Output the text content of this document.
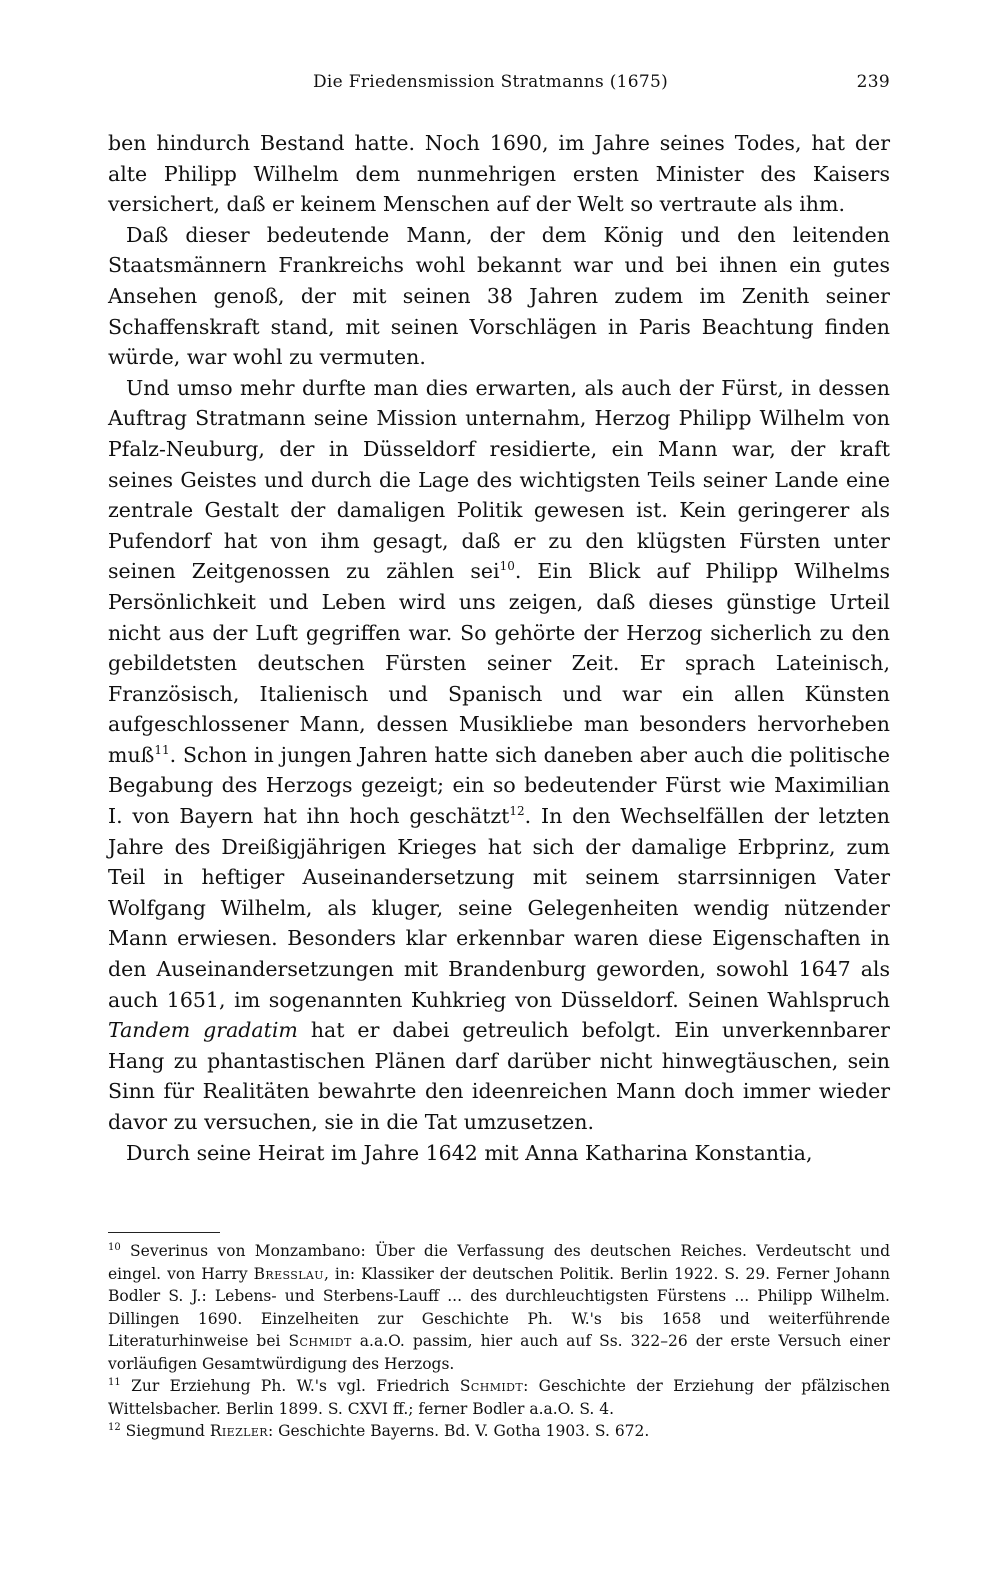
Die Friedensmission Stratmanns (1675)	239

ben hindurch Bestand hatte. Noch 1690, im Jahre seines Todes, hat der alte Philipp Wilhelm dem nunmehrigen ersten Minister des Kaisers versichert, daß er keinem Menschen auf der Welt so vertraute als ihm.

Daß dieser bedeutende Mann, der dem König und den leitenden Staatsmännern Frankreichs wohl bekannt war und bei ihnen ein gutes Ansehen genoß, der mit seinen 38 Jahren zudem im Zenith seiner Schaffenskraft stand, mit seinen Vorschlägen in Paris Beachtung finden würde, war wohl zu vermuten.

Und umso mehr durfte man dies erwarten, als auch der Fürst, in dessen Auftrag Stratmann seine Mission unternahm, Herzog Philipp Wilhelm von Pfalz-Neuburg, der in Düsseldorf residierte, ein Mann war, der kraft seines Geistes und durch die Lage des wichtigsten Teils seiner Lande eine zentrale Gestalt der damaligen Politik gewesen ist. Kein geringerer als Pufendorf hat von ihm gesagt, daß er zu den klügsten Fürsten unter seinen Zeitgenossen zu zählen sei$^{10}$. Ein Blick auf Philipp Wilhelms Persönlichkeit und Leben wird uns zeigen, daß dieses günstige Urteil nicht aus der Luft gegriffen war. So gehörte der Herzog sicherlich zu den gebildetsten deutschen Fürsten seiner Zeit. Er sprach Lateinisch, Französisch, Italienisch und Spanisch und war ein allen Künsten aufgeschlossener Mann, dessen Musikliebe man besonders hervorheben muß$^{11}$. Schon in jungen Jahren hatte sich daneben aber auch die politische Begabung des Herzogs gezeigt; ein so bedeutender Fürst wie Maximilian I. von Bayern hat ihn hoch geschätzt$^{12}$. In den Wechselfällen der letzten Jahre des Dreißigjährigen Krieges hat sich der damalige Erbprinz, zum Teil in heftiger Auseinandersetzung mit seinem starrsinnigen Vater Wolfgang Wilhelm, als kluger, seine Gelegenheiten wendig nützender Mann erwiesen. Besonders klar erkennbar waren diese Eigenschaften in den Auseinandersetzungen mit Brandenburg geworden, sowohl 1647 als auch 1651, im sogenannten Kuhkrieg von Düsseldorf. Seinen Wahlspruch Tandem gradatim hat er dabei getreulich befolgt. Ein unverkennbarer Hang zu phantastischen Plänen darf darüber nicht hinwegtäuschen, sein Sinn für Realitäten bewahrte den ideenreichen Mann doch immer wieder davor zu versuchen, sie in die Tat umzusetzen.

Durch seine Heirat im Jahre 1642 mit Anna Katharina Konstantia,

$^{10}$ Severinus von Monzambano: Über die Verfassung des deutschen Reiches. Verdeutscht und eingel. von Harry Bresslau, in: Klassiker der deutschen Politik. Berlin 1922. S. 29. Ferner Johann Bodler S. J.: Lebens- und Sterbens-Lauff ... des durchleuchtigsten Fürstens ... Philipp Wilhelm. Dillingen 1690. Einzelheiten zur Geschichte Ph. W.'s bis 1658 und weiterführende Literaturhinweise bei Schmidt a.a.O. passim, hier auch auf Ss. 322–26 der erste Versuch einer vorläufigen Gesamtwürdigung des Herzogs.

$^{11}$ Zur Erziehung Ph. W.'s vgl. Friedrich Schmidt: Geschichte der Erziehung der pfälzischen Wittelsbacher. Berlin 1899. S. CXVI ff.; ferner Bodler a.a.O. S. 4.

$^{12}$ Siegmund Riezler: Geschichte Bayerns. Bd. V. Gotha 1903. S. 672.
